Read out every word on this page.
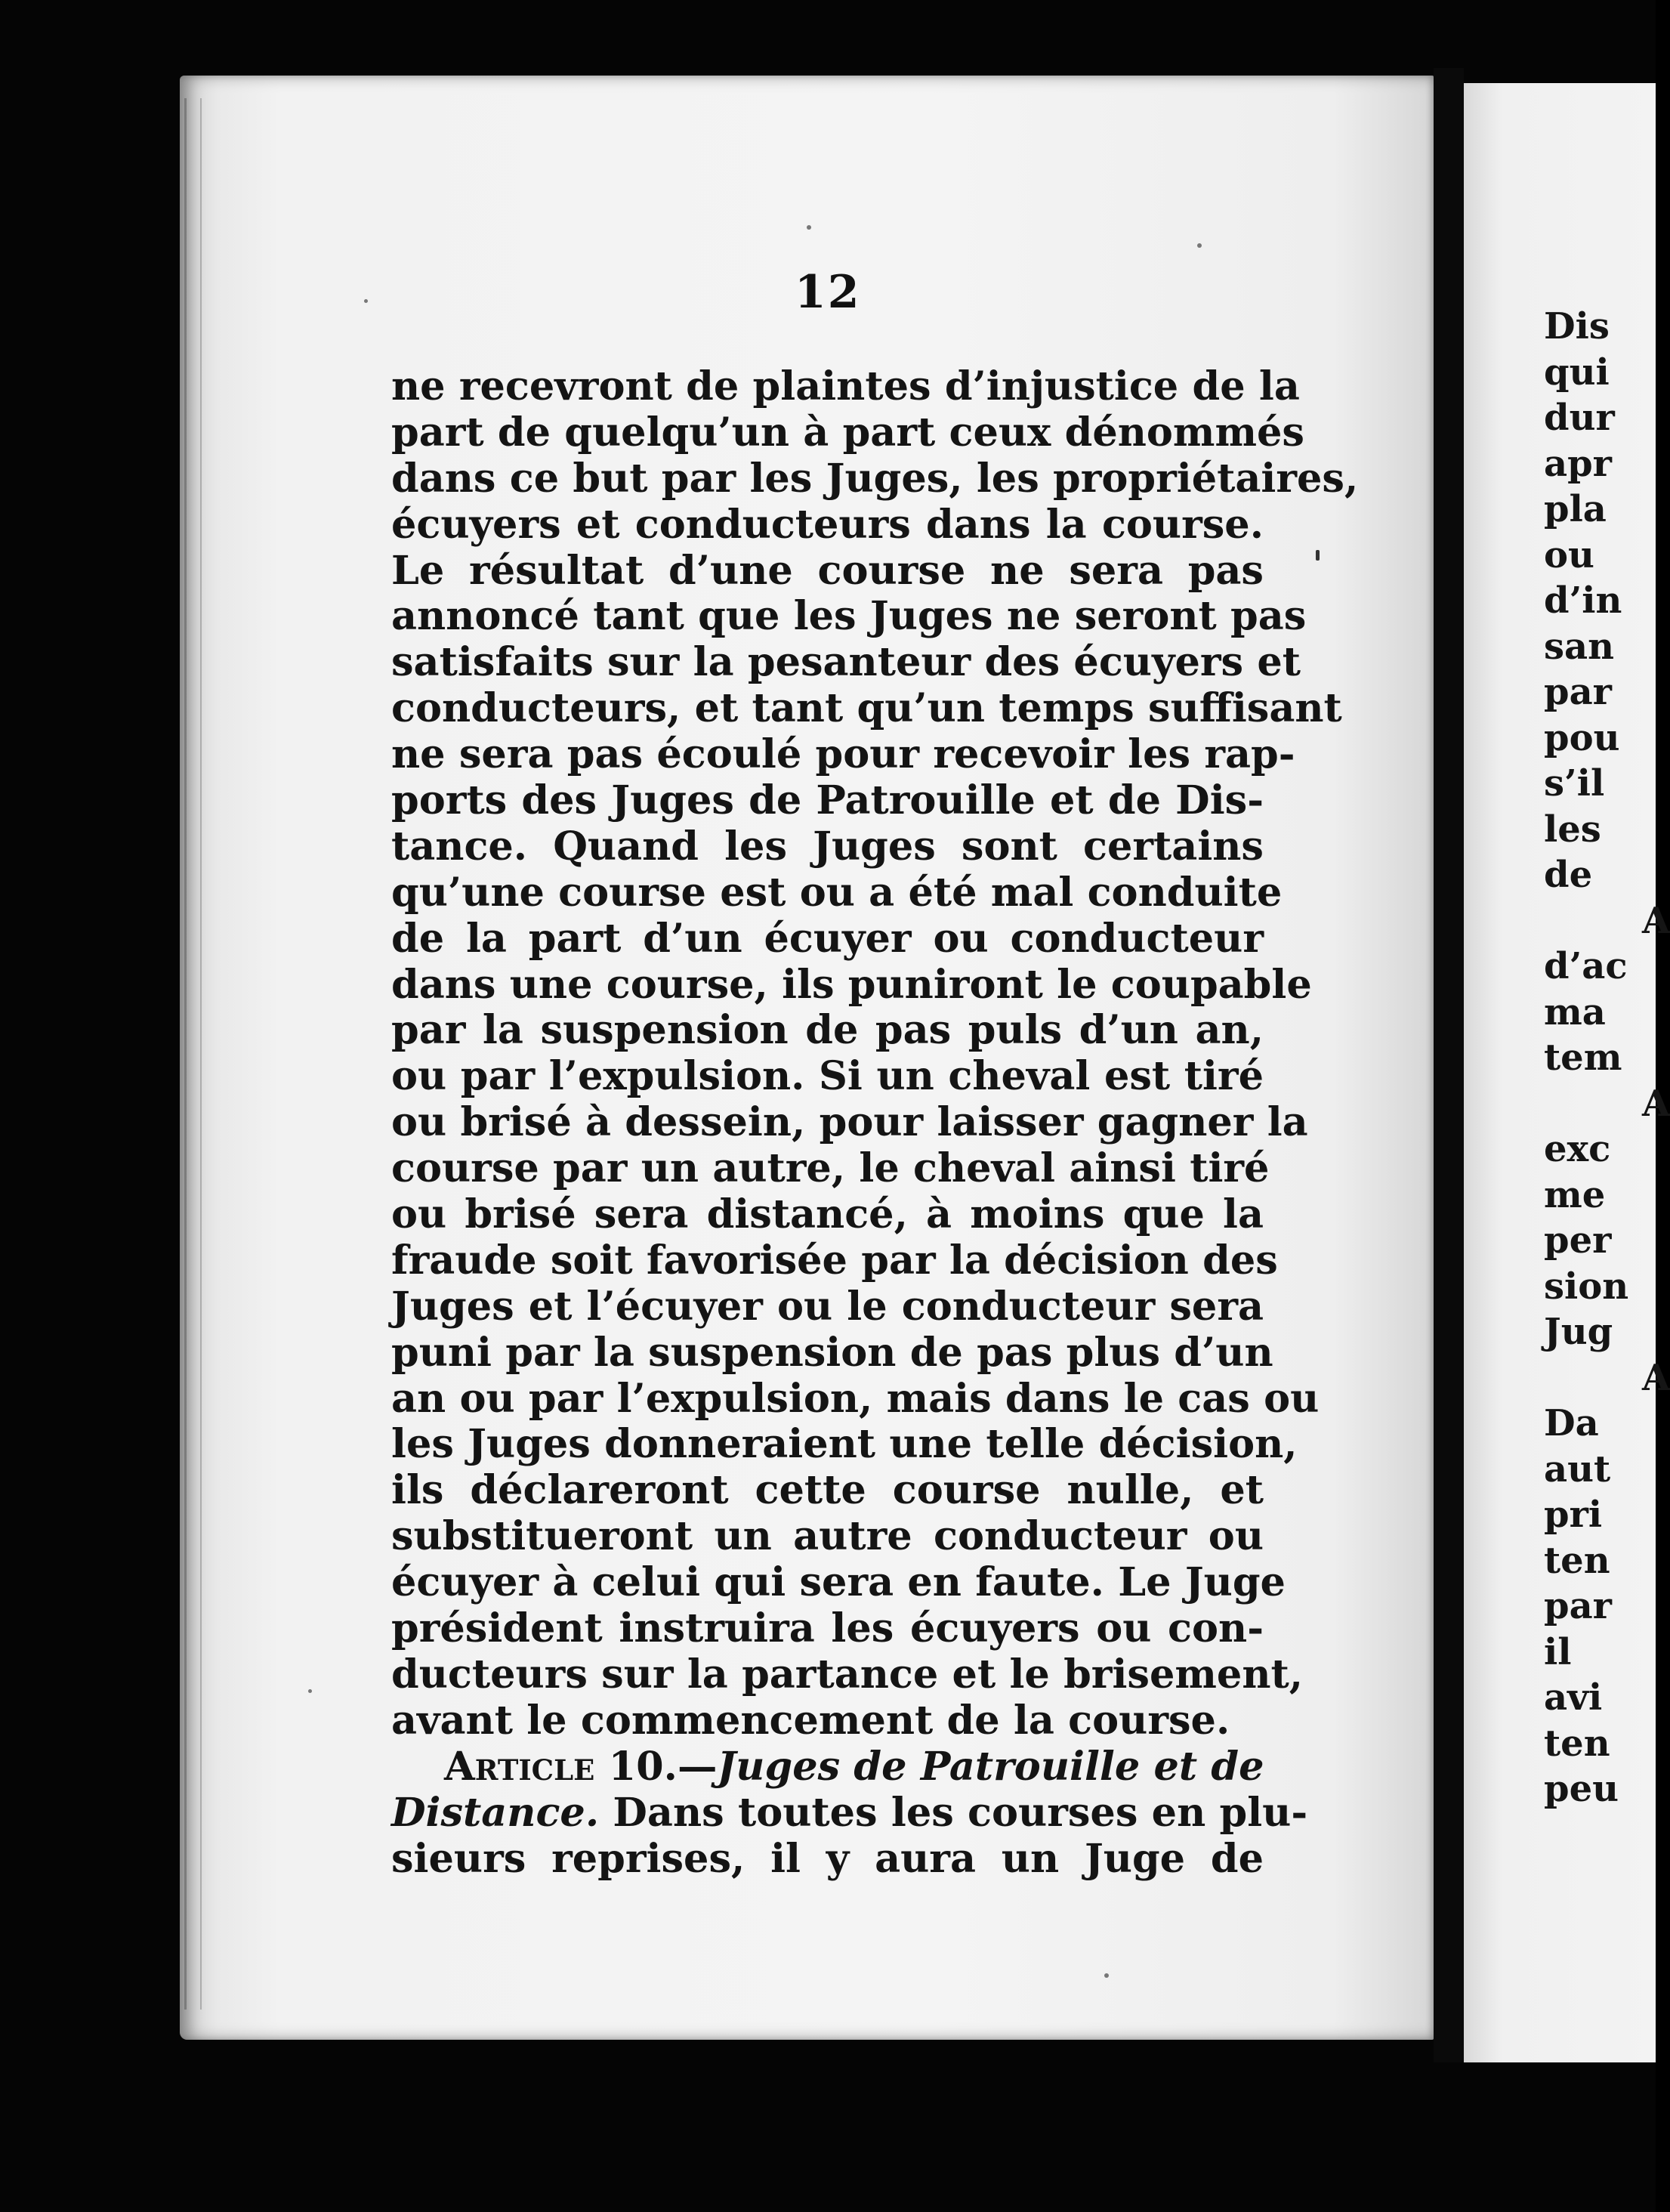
12
ne recevront de plaintes d’injustice de la
part de quelqu’un à part ceux dénommés
dans ce but par les Juges, les propriétaires,
écuyers et conducteurs dans la course.
Le résultat d’une course ne sera pas
annoncé tant que les Juges ne seront pas
satisfaits sur la pesanteur des écuyers et
conducteurs, et tant qu’un temps suffisant
ne sera pas écoulé pour recevoir les rap-
ports des Juges de Patrouille et de Dis-
tance. Quand les Juges sont certains
qu’une course est ou a été mal conduite
de la part d’un écuyer ou conducteur
dans une course, ils puniront le coupable
par la suspension de pas puls d’un an,
ou par l’expulsion. Si un cheval est tiré
ou brisé à dessein, pour laisser gagner la
course par un autre, le cheval ainsi tiré
ou brisé sera distancé, à moins que la
fraude soit favorisée par la décision des
Juges et l’écuyer ou le conducteur sera
puni par la suspension de pas plus d’un
an ou par l’expulsion, mais dans le cas ou
les Juges donneraient une telle décision,
ils déclareront cette course nulle, et
substitueront un autre conducteur ou
écuyer à celui qui sera en faute. Le Juge
président instruira les écuyers ou con-
ducteurs sur la partance et le brisement,
avant le commencement de la course.
Article 10.—Juges de Patrouille et de
Distance. Dans toutes les courses en plu-
sieurs reprises, il y aura un Juge de
Dis
qui
dur
apr
pla
ou
d’in
san
par
pou
s’il
les
de
A
d’ac
ma
tem
A
exc
me
per
sion
Jug
A
Da
aut
pri
ten
par
il
avi
ten
peu
